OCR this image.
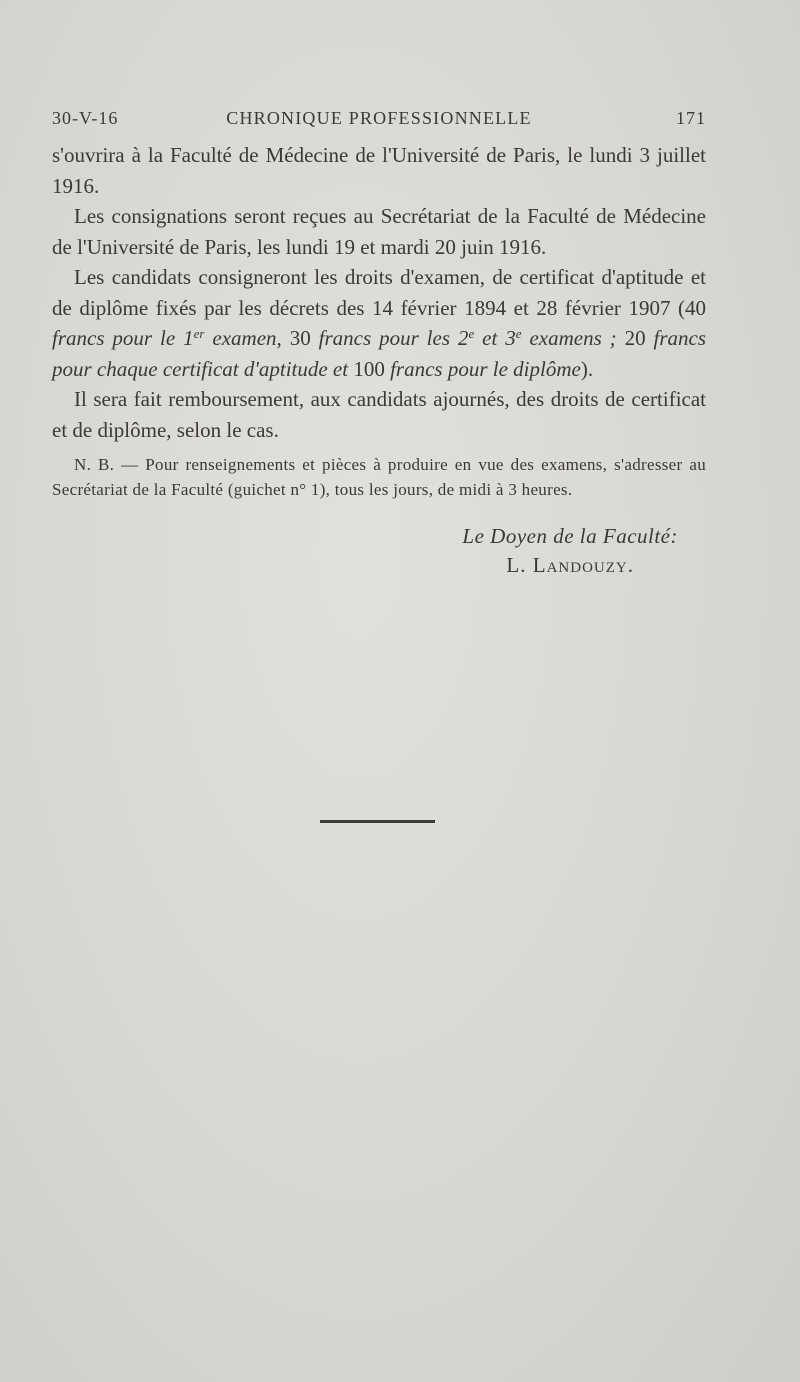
30-V-16	CHRONIQUE PROFESSIONNELLE	171

s'ouvrira à la Faculté de Médecine de l'Université de Paris, le lundi 3 juillet 1916.

Les consignations seront reçues au Secrétariat de la Faculté de Médecine de l'Université de Paris, les lundi 19 et mardi 20 juin 1916.

Les candidats consigneront les droits d'examen, de certificat d'aptitude et de diplôme fixés par les décrets des 14 février 1894 et 28 février 1907 (40 francs pour le 1er examen, 30 francs pour les 2e et 3e examens ; 20 francs pour chaque certificat d'aptitude et 100 francs pour le diplôme).

Il sera fait remboursement, aux candidats ajournés, des droits de certificat et de diplôme, selon le cas.

N. B. — Pour renseignements et pièces à produire en vue des examens, s'adresser au Secrétariat de la Faculté (guichet n° 1), tous les jours, de midi à 3 heures.
Le Doyen de la Faculté:
L. Landouzy.
